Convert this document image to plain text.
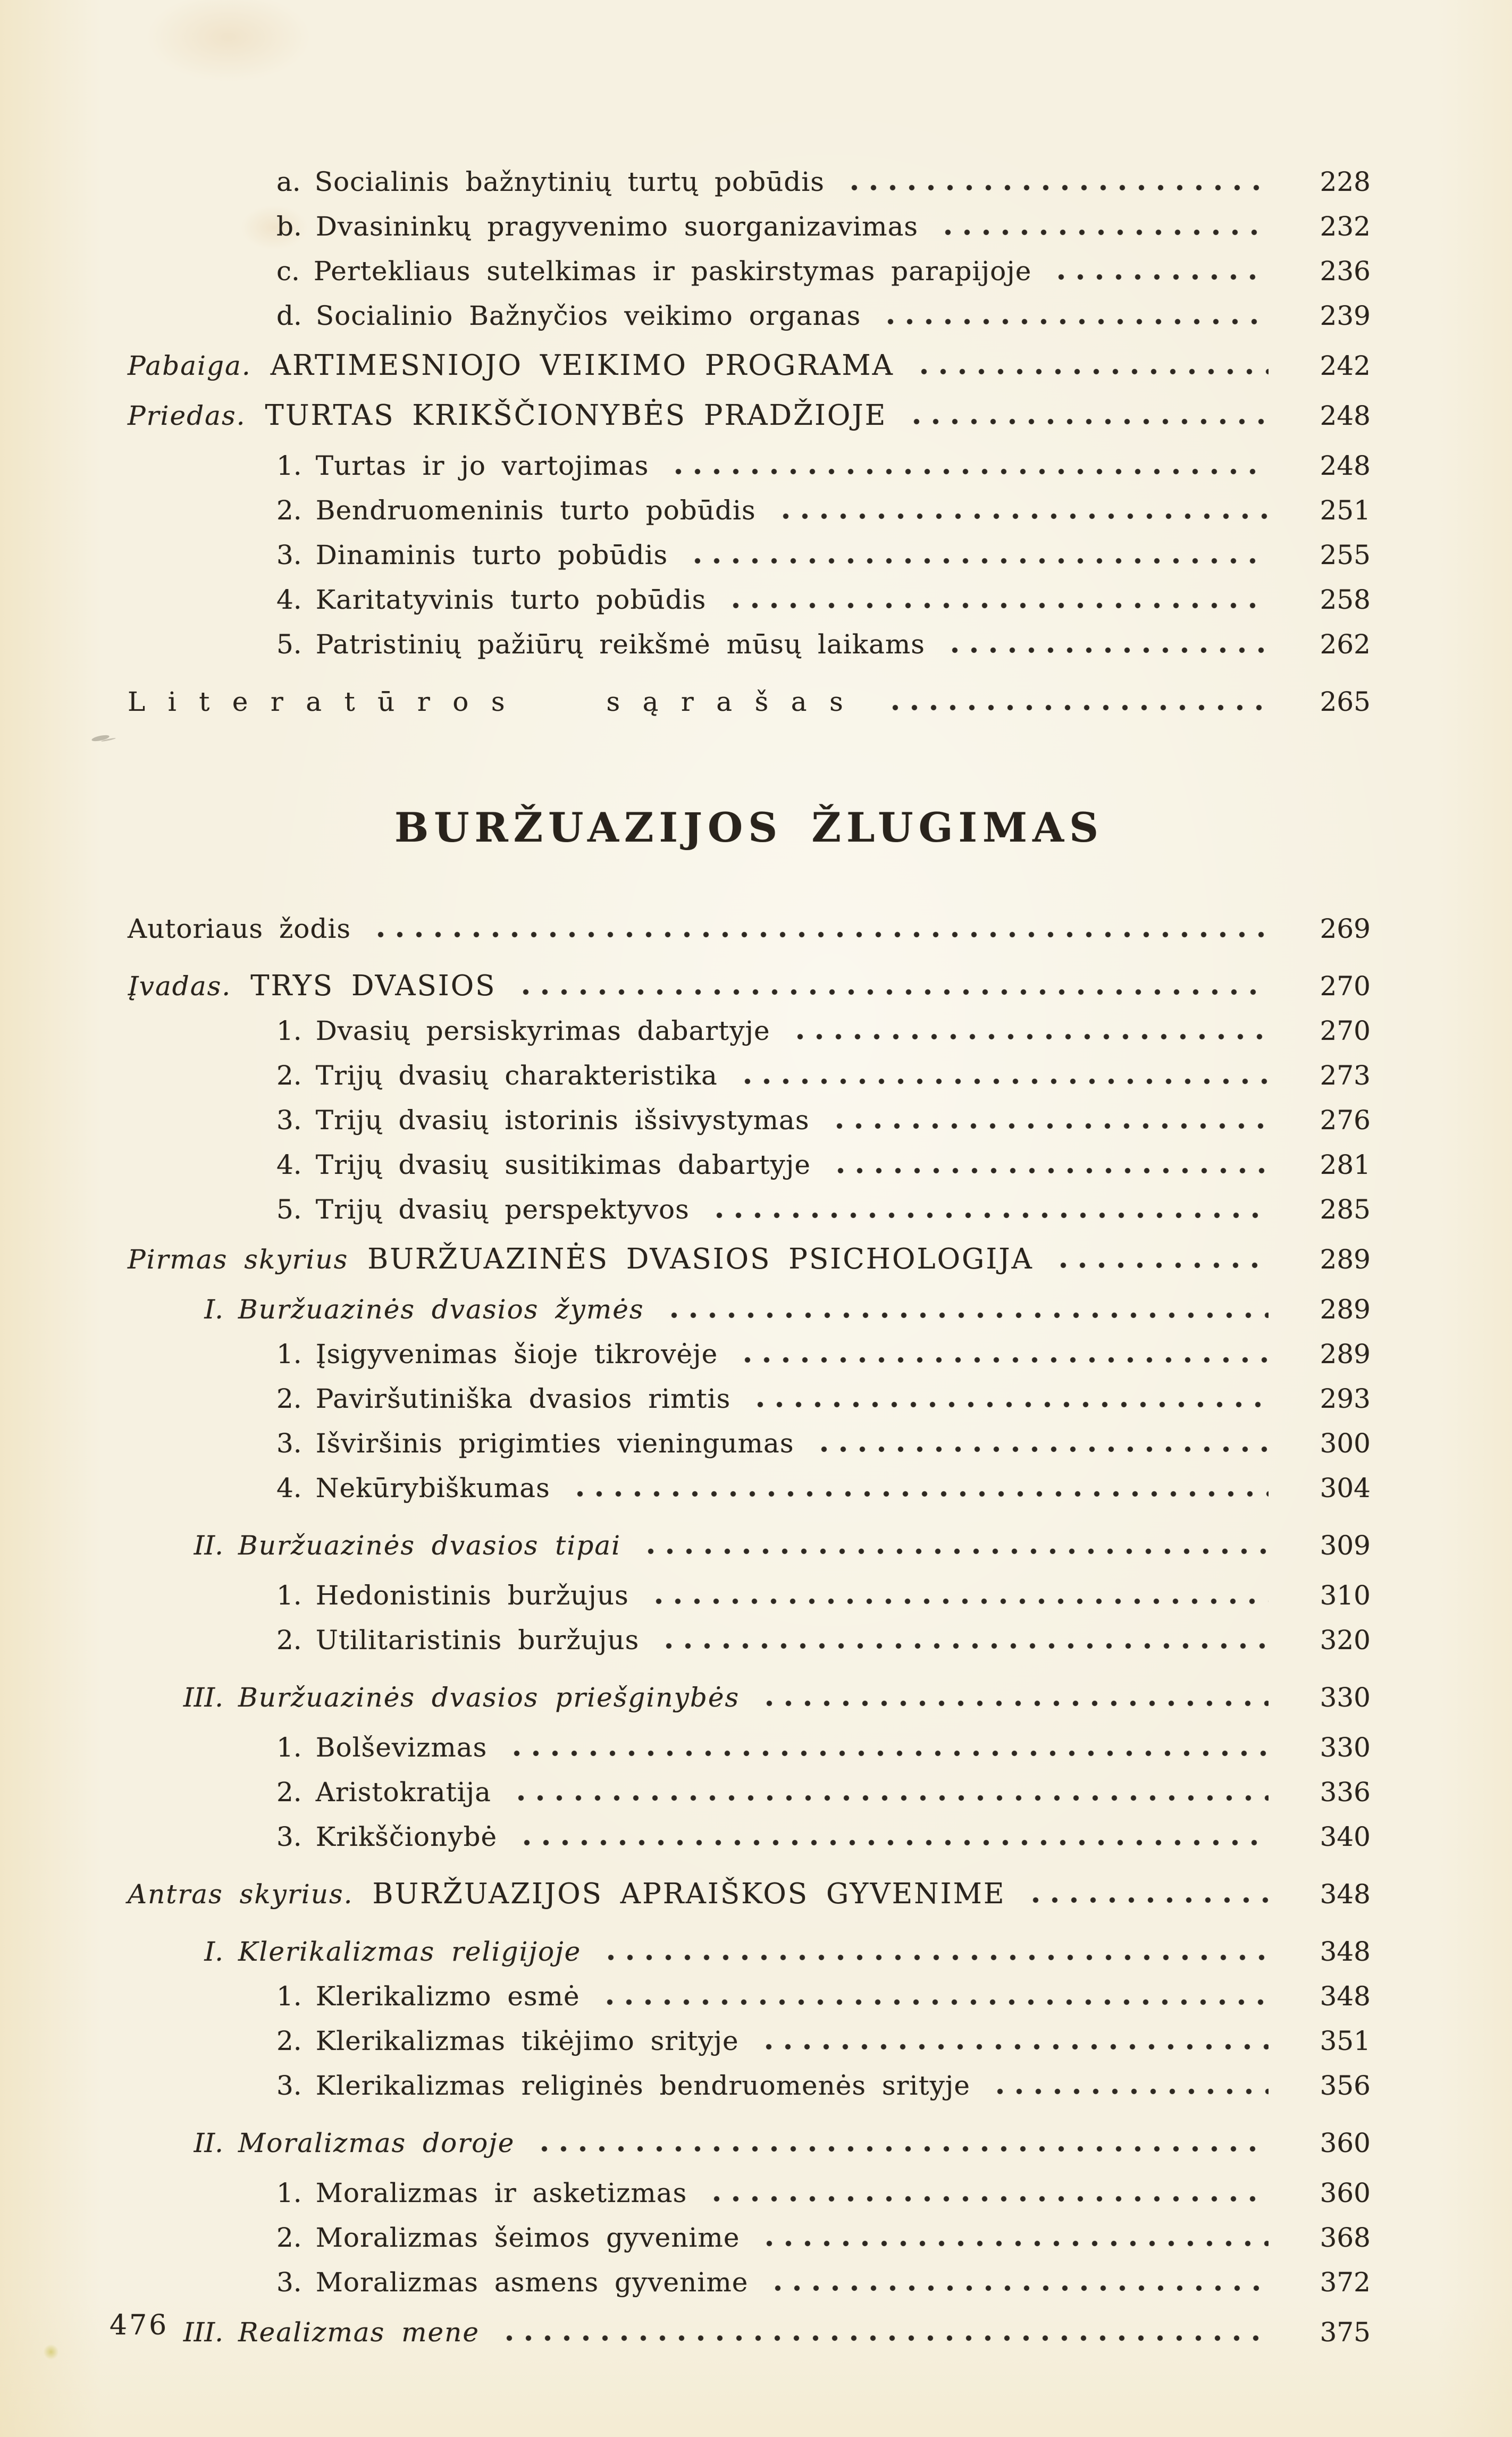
a. Socialinis bažnytinių turtų pobūdis	228
b. Dvasininkų pragyvenimo suorganizavimas	232
c. Pertekliaus sutelkimas ir paskirstymas parapijoje	236
d. Socialinio Bažnyčios veikimo organas	239
Pabaiga. ARTIMESNIOJO VEIKIMO PROGRAMA	242
Priedas. TURTAS KRIKŠČIONYBĖS PRADŽIOJE	248
1. Turtas ir jo vartojimas	248
2. Bendruomeninis turto pobūdis	251
3. Dinaminis turto pobūdis	255
4. Karitatyvinis turto pobūdis	258
5. Patristinių pažiūrų reikšmė mūsų laikams	262
Literatūros sąrašas	265
BURŽUAZIJOS ŽLUGIMAS
Autoriaus žodis	269
Įvadas. TRYS DVASIOS	270
1. Dvasių persiskyrimas dabartyje	270
2. Trijų dvasių charakteristika	273
3. Trijų dvasių istorinis išsivystymas	276
4. Trijų dvasių susitikimas dabartyje	281
5. Trijų dvasių perspektyvos	285
Pirmas skyrius BURŽUAZINĖS DVASIOS PSICHOLOGIJA	289
I. Buržuazinės dvasios žymės	289
1. Įsigyvenimas šioje tikrovėje	289
2. Paviršutiniška dvasios rimtis	293
3. Išviršinis prigimties vieningumas	300
4. Nekūrybiškumas	304
II. Buržuazinės dvasios tipai	309
1. Hedonistinis buržujus	310
2. Utilitaristinis buržujus	320
III. Buržuazinės dvasios priešginybės	330
1. Bolševizmas	330
2. Aristokratija	336
3. Krikščionybė	340
Antras skyrius. BURŽUAZIJOS APRAIŠKOS GYVENIME	348
I. Klerikalizmas religijoje	348
1. Klerikalizmo esmė	348
2. Klerikalizmas tikėjimo srityje	351
3. Klerikalizmas religinės bendruomenės srityje	356
II. Moralizmas doroje	360
1. Moralizmas ir asketizmas	360
2. Moralizmas šeimos gyvenime	368
3. Moralizmas asmens gyvenime	372
III. Realizmas mene	375
476
